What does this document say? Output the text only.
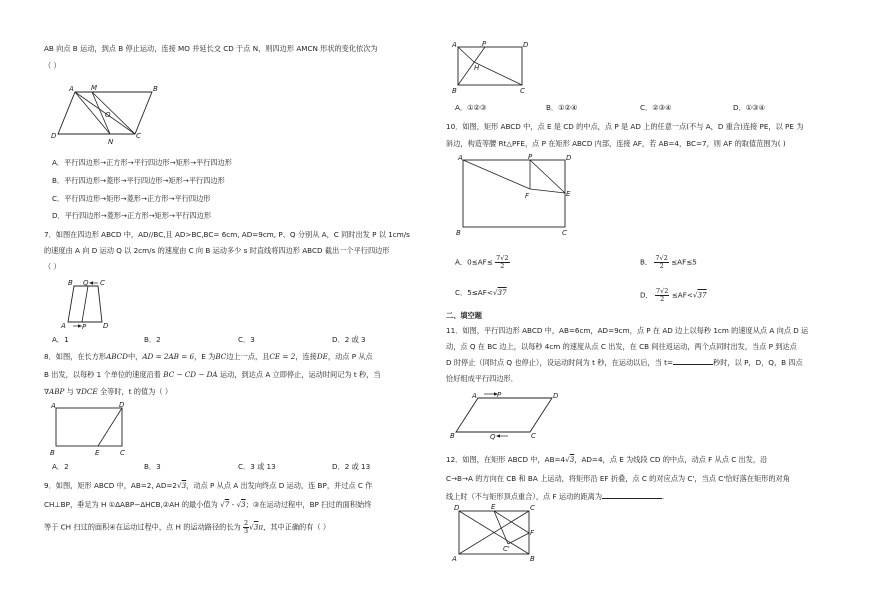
AB 向点 B 运动，到点 B 停止运动，连接 MO 并延长交 CD 于点 N，则四边形 AMCN 形状的变化依次为
（ ）
A M	B
O
D
N
C
A．平行四边形→正方形→平行四边形→矩形→平行四边形
B．平行四边形→菱形→平行四边形→矩形→平行四边形
C．平行四边形→矩形→菱形→正方形→平行四边形
D．平行四边形→菱形→正方形→矩形→平行四边形
7．如图在四边形 ABCD 中，AD//BC,且 AD>BC,BC= 6cm, AD=9cm, P、Q 分别从 A，C 同时出发 P 以 1cm/s
的速度由 A 向 D 运动 Q 以 2cm/s 的速度由 C 向 B 运动多少 s 时直线将四边形 ABCD 截出一个平行四边形
（ ）
B Q C
A P D
A．1	B．2	C．3	D．2 或 3
8．如图，在长方形ABCD中，AD = 2AB = 6，E 为BC边上一点，且CE = 2，连接DE，动点 P 从点
B 出发，以每秒 1 个单位的速度沿着 BC − CD − DA 运动，到达点 A 立即停止，运动时间记为 t 秒，当
∇ABP 与 ∇DCE 全等时，t 的值为（ ）
A	D
B	E	C
A．2	B．3	C．3 或 13	D．2 或 13
9．如图，矩形 ABCD 中，AB=2, AD=2√3，动点 P 从点 A 出发向终点 D 运动，连 BP，并过点 C 作
CH⊥BP，垂足为 H ①ΔABP∽ΔHCB,②AH 的最小值为 √7 - √3；③在运动过程中，BP 扫过的面积始终
等于 CH 扫过的面积④在运动过程中，点 H 的运动路径的长为 $\frac{2}{3} √3\pi$，其中正确的有（ ）
A	P	D
H
B	C
A．①②③	B．①②④	C．②③④	D．①③④
10．如图，矩形 ABCD 中，点 E 是 CD 的中点，点 P 是 AD 上的任意一点(不与 A，D 重合)连接 PE，以 PE 为
斜边，构造等腰 Rt△PFE，点 P 在矩形 ABCD 内部，连接 AF，若 AB=4，BC=7，则 AF 的取值范围为( )
A	P	D
E
F
B	C
A．$0\le AF\le \frac{7√2}{2}$	B． $\frac{7√2}{2} \le AF\le 5$
C．5≤AF<√37	D． $\frac{7√2}{2} \le AF<√37$
二、填空题
11．如图，平行四边形 ABCD 中，AB=6cm，AD=9cm，点 P 在 AD 边上以每秒 1cm 的速度从点 A 向点 D 运
动，点 Q 在 BC 边上，以每秒 4cm 的速度从点 C 出发，在 CB 间往返运动，两个点同时出发，当点 P 到达点
D 时停止（同时点 Q 也停止），设运动时间为 t 秒，在运动以后，当 t=	秒时，以 P，D，Q，B 四点
恰好组成平行四边形．
A	P	D
B	Q	C
12．如图，在矩形 ABCD 中，AB=4√3，AD=4，点 E 为线段 CD 的中点，动点 F 从点 C 出发，沿
C→B→A 的方向在 CB 和 BA 上运动，将矩形沿 EF 折叠，点 C 的对应点为 C'，当点 C'恰好落在矩形的对角
线上时（不与矩形顶点重合），点 F 运动的距离为	.
D	E	C
F
C'
A	B
